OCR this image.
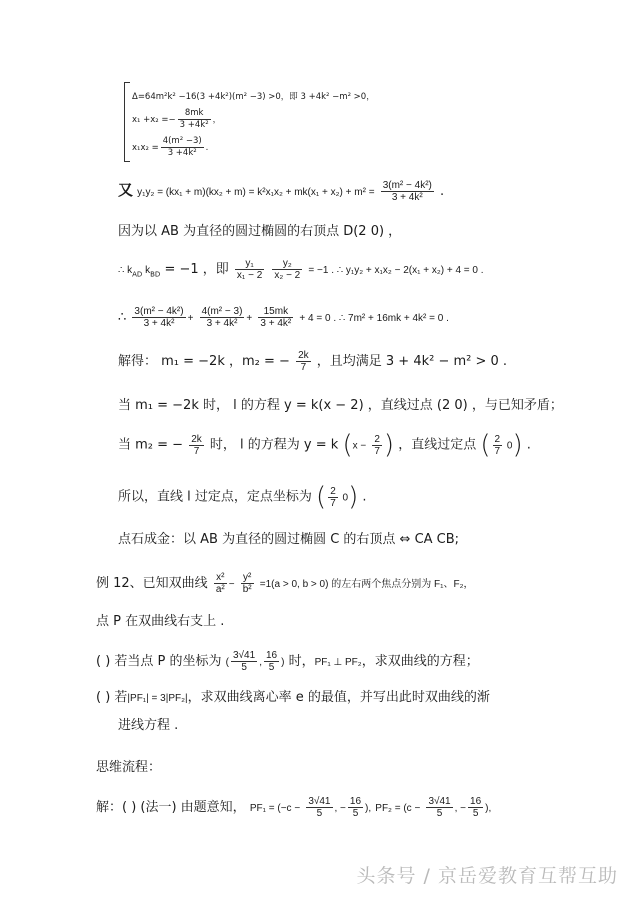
Δ=64m²k² −16(3 +4k²)(m² −3) >0，即 3 +4k² −m² >0，
$x_1 +x_2 =- \frac{8mk}{\text{3 +4k²}}$ ，
$x_1x_2 = \frac{\text{4(m² −3)}}{\text{3 +4k²}}$ .
又 $y_1y_2 = (kx_1 + m)(kx_2 + m) = k^2x_1x_2 + mk(x_1 + x_2) + m^2 = \frac{\text{3(m² − 4k²)}}{\text{3 + 4k²}}$ .
因为以 AB 为直径的圆过椭圆的右顶点 D(2 0) ，
∴ $k_{AD}$ $k_{BD} = -1$ ，即 $\frac{\text{y₁}}{\text{x₁ − 2}}$
$\frac{\text{y₂}}{\text{x₂ − 2}} = -1$ . ∴ y₁y₂ + x₁x₂ − 2(x₁ + x₂) + 4 = 0 .
∴ $\frac{\text{3(m² − 4k²)}}{\text{3 + 4k²}} + \frac{\text{4(m² − 3)}}{\text{3 + 4k²}} + \frac{15mk}{\text{3 + 4k²}} + 4 = 0$ . ∴ 7m² + 16mk + 4k² = 0 .
解得： m₁ = −2k ，m₂ = − $\frac{2k}{7}$ ，且均满足 3 + 4k² − m² > 0 .
当 m₁ = −2k 时， l 的方程 y = k(x − 2) ，直线过点 (2 0) ，与已知矛盾；
当 m₂ = − $\frac{2k}{7}$ 时， l 的方程为 y = k ($x - \frac{2}{7}$ ) ，直线过定点 ( $\frac{2}{7} 0$) .
所以，直线 l 过定点，定点坐标为 ( $\frac{2}{7} 0$) .
点石成金：以 AB 为直径的圆过椭圆 C 的右顶点 ⇔ CA CB;
例 12、已知双曲线 $\frac{\text{x²}}{\text{a²}} - \frac{\text{y²}}{\text{b²}} =1(a > 0$, b > 0) 的左右两个焦点分别为 F₁、F₂，
点 P 在双曲线右支上 .
( ) 若当点 P 的坐标为 ( $\frac{3√41}{5}$ , $\frac{16}{5}$ ) 时，PF₁ ⊥ PF₂，求双曲线的方程；
( ) 若|PF₁| = 3|PF₂|，求双曲线离心率 e 的最值，并写出此时双曲线的渐
进线方程 .
思维流程：
解：( ) (法一) 由题意知， $PF_1 = (-c - \frac{3√41}{5}$ , − $\frac{16}{5}$ ), $PF_2 = (c - \frac{3√41}{5}$ , − $\frac{16}{5}$ ),
头条号 / 京岳爱教育互帮互助
